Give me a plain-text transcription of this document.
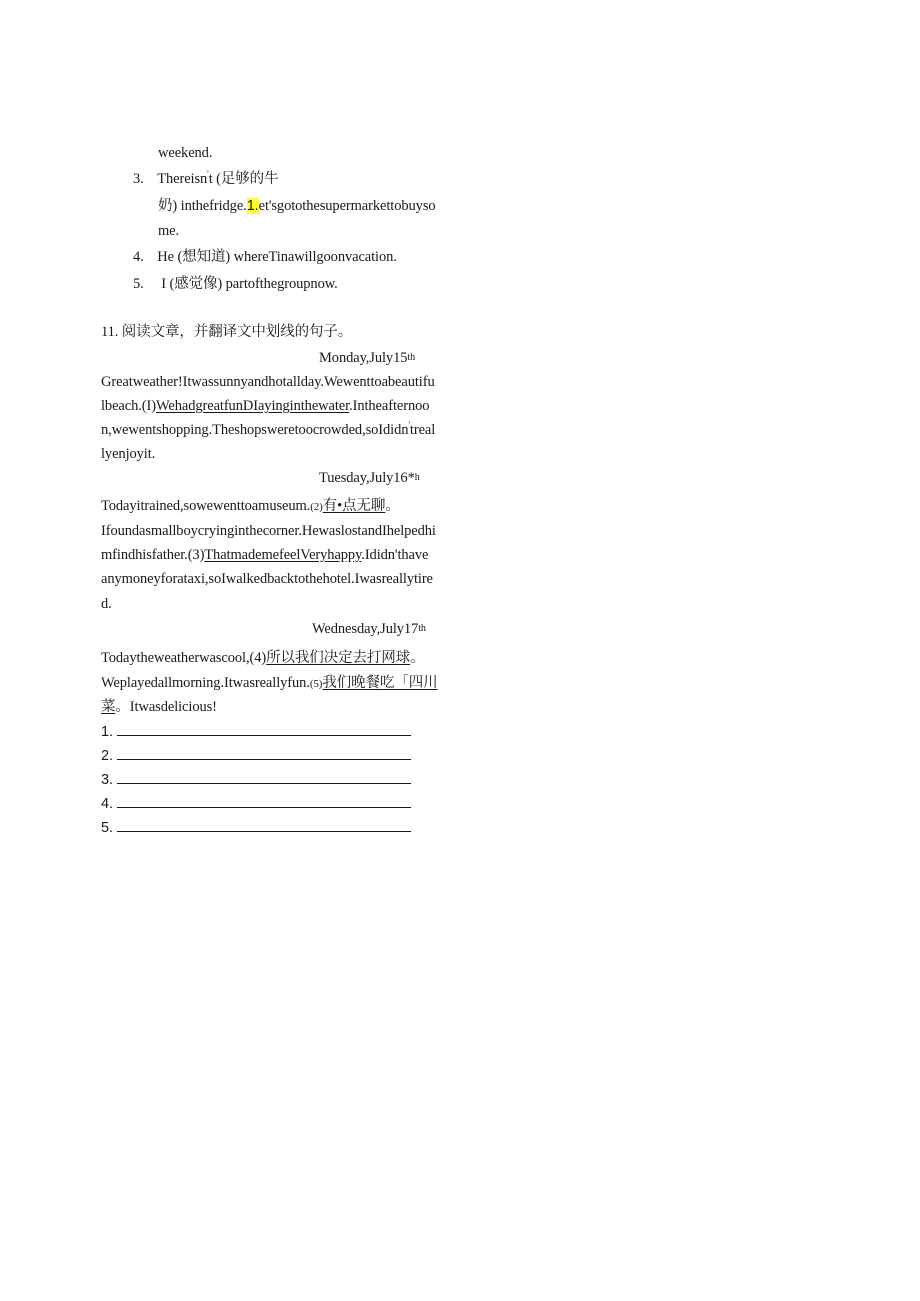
weekend.
3. Thereisn't (足够的牛
奶) inthefridge.1.et'sgotothesupermarkettobuyso
me.
4. He (想知道) whereTinawillgoonvacation.
5. I (感觉像) partofthegroupnow.
11. 阅读文章，并翻译文中划线的句子。
Monday,July15th
Greatweather!Itwassunnyandhotallday.Wewenttoabeautifu
lbeach.(I)WehadgreatfunDIayinginthewater.Intheafternoo
n,wewentshopping.Theshopsweretoocrowded,soIdidn'treal
lyenjoyit.
Tuesday,July16*$^h$
Todayitrained,sowewenttoamuseum.(2)有•点无聊。
Ifoundasmallboycryinginthecorner.HewaslostandIhelpedhi
mfindhisfather.(3)ThatmademefeelVeryhappy.Ididn'thave
anymoneyforataxi,soIwalkedbacktothehotel.Iwasreallytire
d.
Wednesday,July17th
Todaytheweatherwascool,(4)所以我们决定去打网球。
Weplayedallmorning.Itwasreallyfun.(5)我们晚餐吃「四川
菜。Itwasdelicious!
1.
2.
3.
4.
5.
